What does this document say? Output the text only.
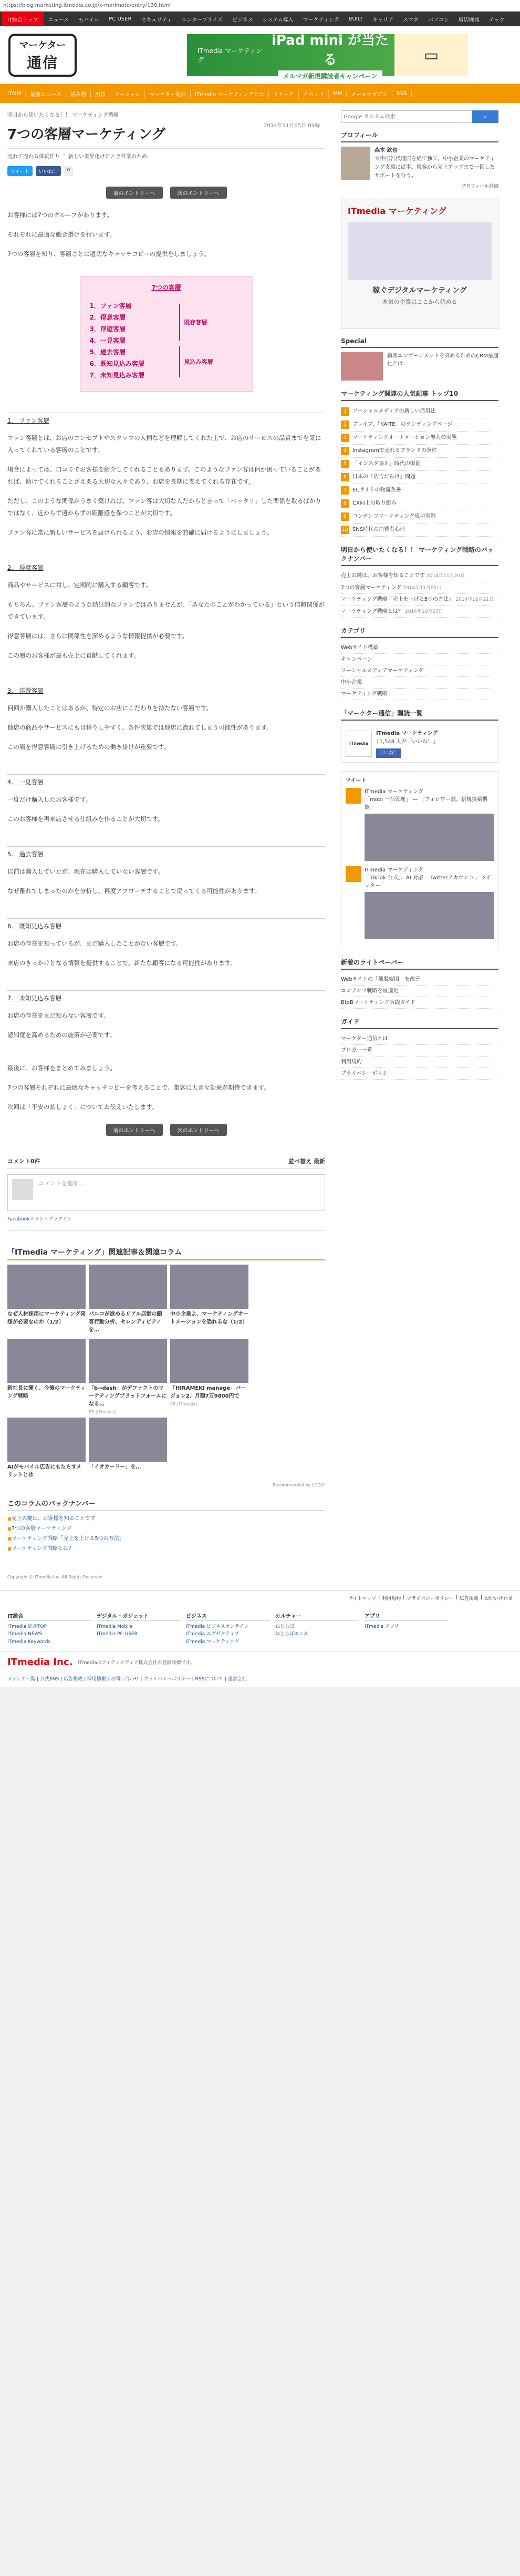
https://blog.marketing.itmedia.co.jp/k-morimoto/entry/130.html
IT総合トップ	ニュース	モバイル	PC USER	セキュリティ	エンタープライズ	ビジネス	システム導入	マーケティング	BUILT	キャリア	スマホ	パソコン	周辺機器	テック
マーケター
通信
ITmedia マーケティング
iPad mini が当たる
メルマガ新規購読者キャンペーン
▭
ITMM	最新ニュース	読み物	用語	ソーシャル	マーケター通信	ITmedia マーケティングとは	リサーチ	イベント	MM	メールマガジン	RSS
明日から使いたくなる！！ マーケティング戦略
7つの客層マーケティング
2014年11月05日 09時
売れて売れる体質作り › 新しい業界化けたとき営業のため
ツイート	いいね！	0
前のエントリーへ	次のエントリーへ

お客様には7つのグループがあります。

それぞれに最適な働き掛けを行います。

7つの客層を知り、客層ごとに適切なキャッチコピーの提供をしましょう。

7つの客層
1．ファン客層
2．得意客層
3．浮遊客層
4．一見客層
5．過去客層
6．既知見込み客層
7．未知見込み客層
既存客層
見込み客層
1.　ファン客層

ファン客層とは、お店のコンセプトやスタッフの人柄などを理解してくれた上で、お店のサービスの品質までを気に入ってくれている客層のことです。

場合によっては、口コミでお客様を紹介してくれることもあります。このようなファン客は何か困っていることがあれば、助けてくれることさえある大切な人々であり、お店を長期に支えてくれる存在です。

ただし、このような関係がうまく築ければ、ファン客は大切な人だからと言って「ベッタリ」した関係を取るばかりではなく、近からず遠からずの距離感を保つことが大切です。

ファン客に常に新しいサービスを届けられるよう、お店の情報を的確に届けるようにしましょう。

2.　得意客層

商品やサービスに対し、定期的に購入する顧客です。

もちろん、ファン客層のような熱狂的なファンではありませんが、「あなたのことがわかっている」という信頼関係ができています。

得意客層には、さらに関係性を深めるような情報提供が必要です。

この層のお客様が最も売上に貢献してくれます。

3.　浮遊客層

何回か購入したことはあるが、特定のお店にこだわりを持たない客層です。

他店の商品やサービスにも目移りしやすく、条件次第では他店に流れてしまう可能性があります。

この層を得意客層に引き上げるための働き掛けが重要です。

4.　一見客層

一度だけ購入したお客様です。

このお客様を再来店させる仕組みを作ることが大切です。

5.　過去客層

以前は購入していたが、現在は購入していない客層です。

なぜ離れてしまったのかを分析し、再度アプローチすることで戻ってくる可能性があります。

6.　既知見込み客層

お店の存在を知っているが、まだ購入したことがない客層です。

来店のきっかけとなる情報を提供することで、新たな顧客になる可能性があります。

7.　未知見込み客層

お店の存在をまだ知らない客層です。

認知度を高めるための施策が必要です。

最後に、お客様をまとめてみましょう。

7つの客層それぞれに最適なキャッチコピーを考えることで、集客に大きな効果が期待できます。

次回は「不安の払しょく」についてお伝えいたします。

前のエントリーへ	次のエントリーへ
コメント0件	並べ替え 最新
コメントを追加...
Facebookコメントプラグイン
「ITmedia マーケティング」関連記事＆関連コラム
なぜ人材採用にマーケティング発想が必要なのか（1/2）
パルコが進めるリアル店舗の顧客行動分析、セレンディピティを…
中小企業よ、マーケティングオートメーションを恐れるな（1/2）
新社長に聞く、今後のマーケティング戦略
「b→dash」がデファクトのマーケティングプラットフォームになる…
PR (ITmedia)
「HIRAMEKI manage」バージョン2、月額7万9800円で
PR (ITmedia)
AIがモバイル広告にもたらすメリットとは
「イオカードー」を…
Recommended by LOGLY
このコラムのバックナンバー
■ 売上の鍵は、お客様を知ることです
■ 7つの客層マーケティング
■ マーケティング戦略「売上を上げる5つの方法」
■ マーケティング戦略とは？
Copyright © ITmedia Inc. All Rights Reserved.
Google カスタム検索
⌕
プロフィール
森本 欽也
大手広告代理店を経て独立。中小企業のマーケティング支援に従事。集客から売上アップまで一貫したサポートを行う。
プロフィール詳細
ITmedia マーケティング
稼ぐデジタルマーケティング
本気の企業はここから始める
Special
顧客エンゲージメントを高めるためのCRM最適化とは
マーケティング関連の人気記事 トップ10
1	ソーシャルメディアの新しい活用法
2	ブレイブ、「KAITE」のランディングページ
3	マーケティングオートメーション導入の実態
4	Instagramで売れるブランドの条件
5	「インスタ映え」時代の販促
6	日本の「広告だらけ」問題
7	ECサイトの物流改善
8	CX向上の取り組み
9	コンテンツマーケティング成功事例
10 SNS時代の消費者心理
明日から使いたくなる！！ マーケティング戦略のバックナンバー
売上の鍵は、お客様を知ることです 2014年11月20日
7つの客層マーケティング 2014年11月05日
マーケティング戦略「売上を上げる5つの方法」 2014年10月21日
マーケティング戦略とは？ 2014年10月07日
カテゴリ
Webサイト構築
キャンペーン
ソーシャルメディアマーケティング
中小企業
マーケティング戦略
「マーケター通信」購読一覧
ITmedia
ITmedia マーケティング
11,548 人が「いいね！」
いいね！
ツイート
ITmedia マーケティング
「mobi 一括管理」 ― 〔フォロワー数、新規投稿機能〕
ITmedia マーケティング
「TikTok 公式」、AI 対応 ―Twitterアカウント 、ツイッター
新着のライトペーパー
Webサイトの「離脱要因」を改善
コンテンツ戦略を最適化
BtoBマーケティング実践ガイド
ガイド
マーケター通信とは
ブロガー一覧
利用規約
プライバシーポリシー
サイトマップ | 利用規約 | プライバシーポリシー | 広告掲載 | お問い合わせ
IT総合
ITmedia 総合TOP
ITmedia NEWS
ITmedia Keywords
デジタル・ガジェット
ITmedia Mobile
ITmedia PC USER
ビジネス
ITmedia ビジネスオンライン
ITmedia エグゼクティブ
ITmedia マーケティング
カルチャー
ねとらぼ
ねとらぼエンタ
アプリ
ITmedia アプリ
ITmedia Inc. ITmediaはアイティメディア株式会社の登録商標です。
メディア一覧 | 公式SNS | 広告掲載 | 採用情報 | お問い合わせ | プライバシーポリシー | RSSについて | 運営会社
